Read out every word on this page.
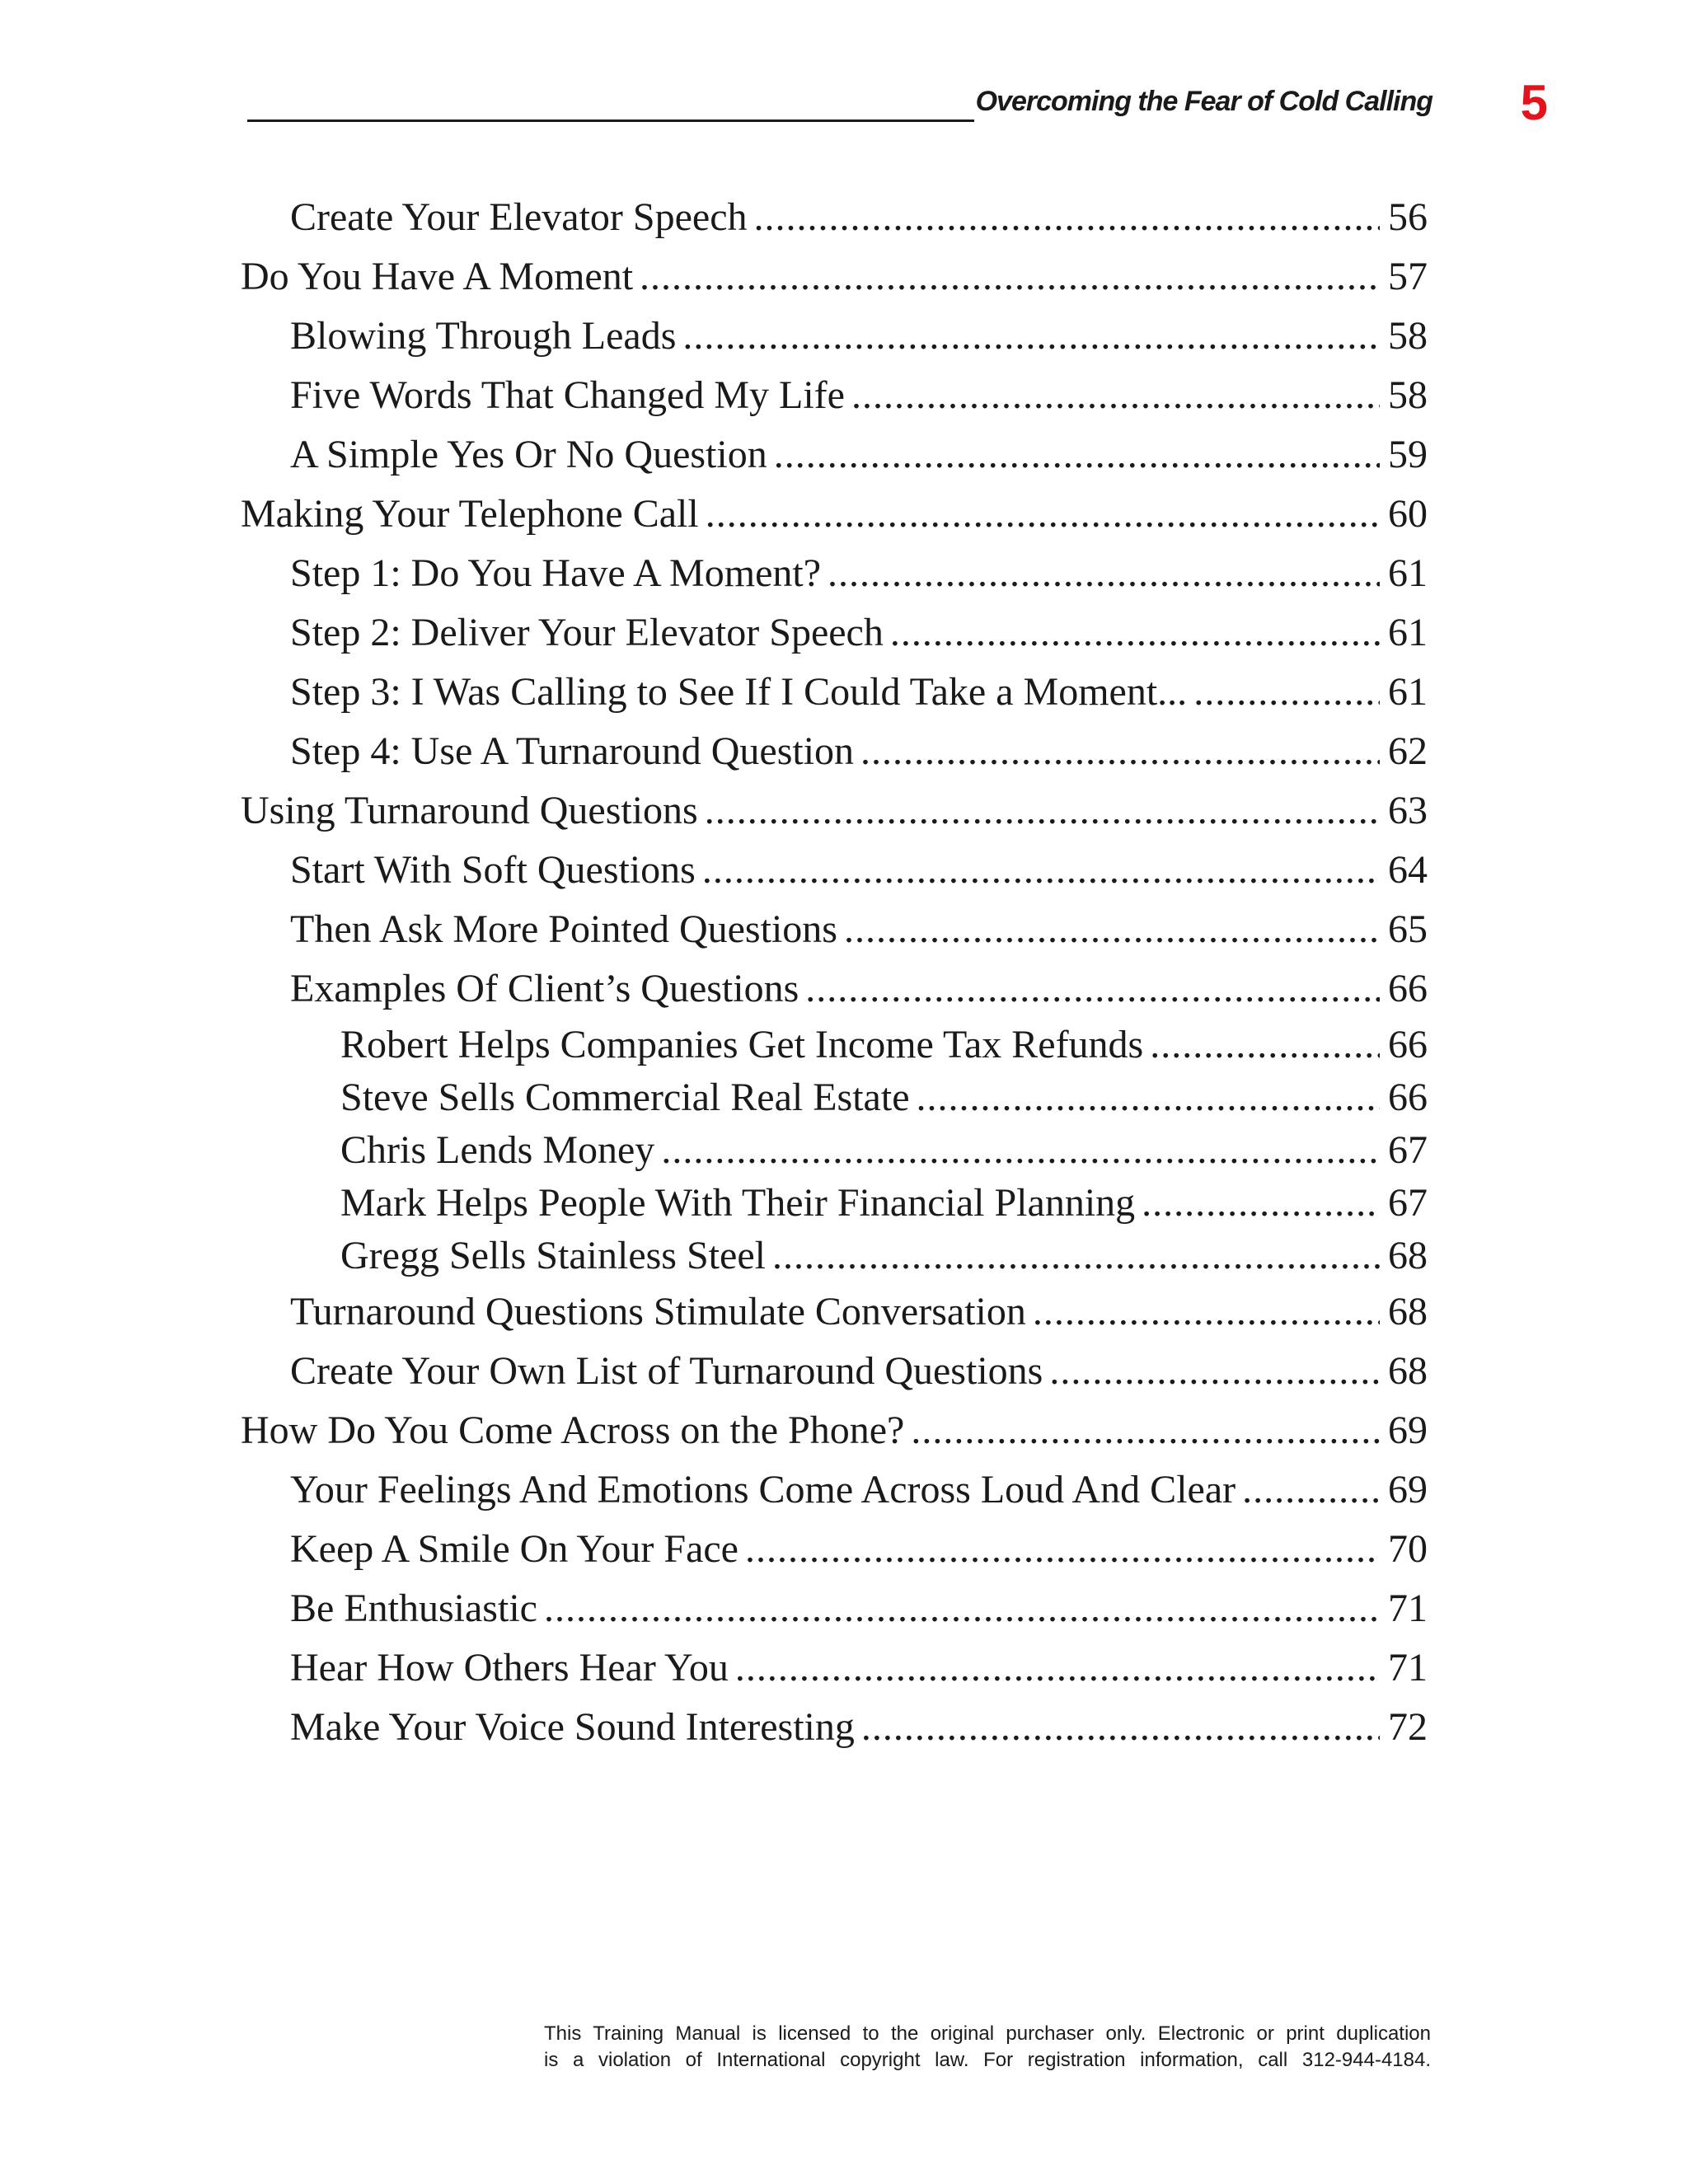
Overcoming the Fear of Cold Calling 5
Create Your Elevator Speech .....	56
Do You Have A Moment .....	57
Blowing Through Leads .....	58
Five Words That Changed My Life .....	58
A Simple Yes Or No Question .....	59
Making Your Telephone Call .....	60
Step 1: Do You Have A Moment? .....	61
Step 2: Deliver Your Elevator Speech .....	61
Step 3: I Was Calling to See If I Could Take a Moment... .....	61
Step 4: Use A Turnaround Question .....	62
Using Turnaround Questions .....	63
Start With Soft Questions .....	64
Then Ask More Pointed Questions .....	65
Examples Of Client’s Questions .....	66
Robert Helps Companies Get Income Tax Refunds .....	66
Steve Sells Commercial Real Estate .....	66
Chris Lends Money .....	67
Mark Helps People With Their Financial Planning .....	67
Gregg Sells Stainless Steel .....	68
Turnaround Questions Stimulate Conversation .....	68
Create Your Own List of Turnaround Questions .....	68
How Do You Come Across on the Phone? .....	69
Your Feelings And Emotions Come Across Loud And Clear .....	69
Keep A Smile On Your Face .....	70
Be Enthusiastic .....	71
Hear How Others Hear You .....	71
Make Your Voice Sound Interesting .....	72
This Training Manual is licensed to the original purchaser only. Electronic or print duplication
is a violation of International copyright law. For registration information, call 312-944-4184.
